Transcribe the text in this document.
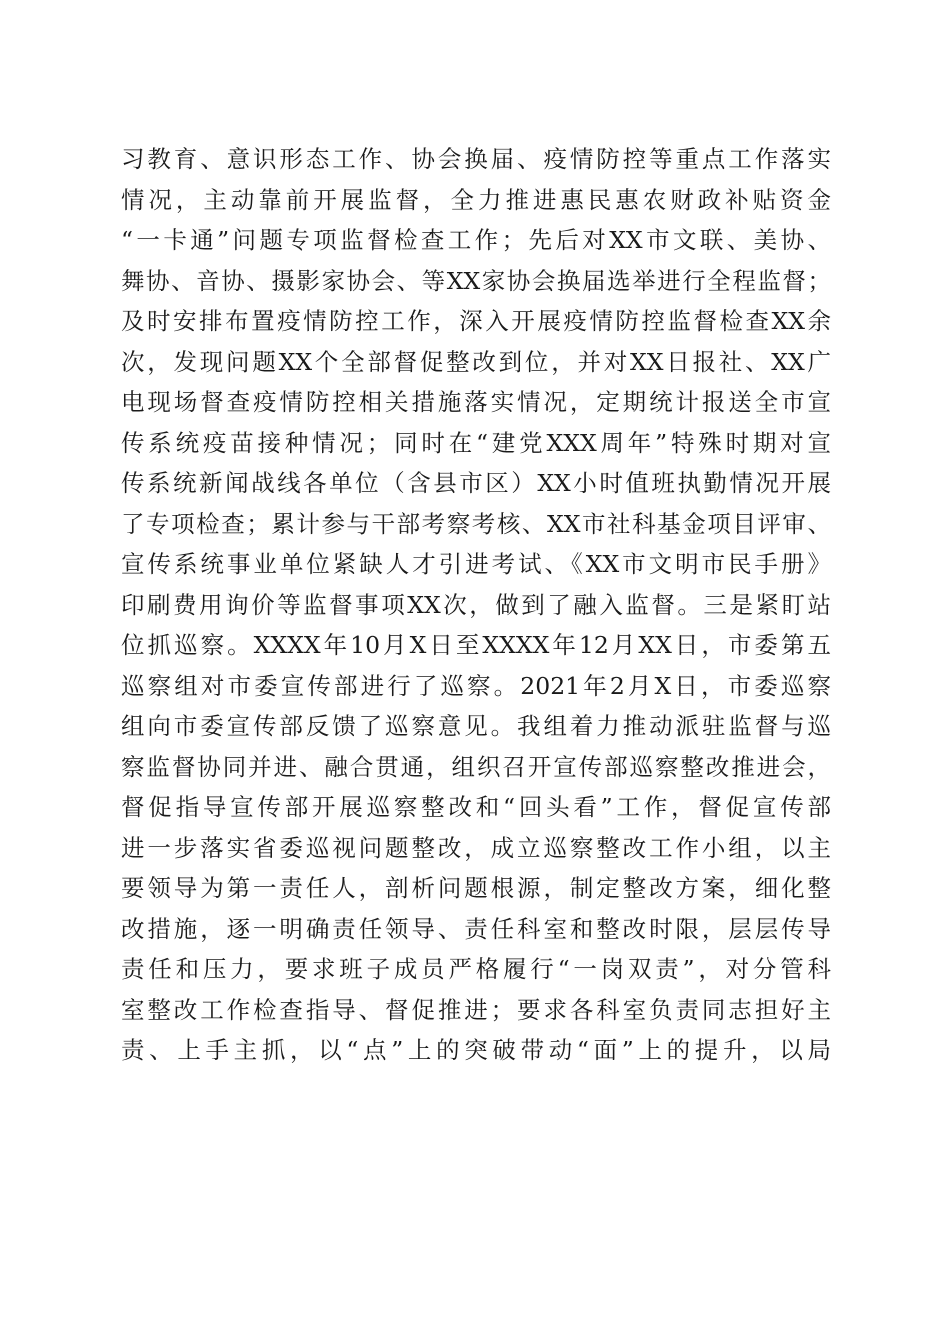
习教育、意识形态工作、协会换届、疫情防控等重点工作落实
情况，主动靠前开展监督，全力推进惠民惠农财政补贴资金
“一卡通”问题专项监督检查工作；先后对XX市文联、美协、
舞协、音协、摄影家协会、等XX家协会换届选举进行全程监督；
及时安排布置疫情防控工作，深入开展疫情防控监督检查XX余
次，发现问题XX个全部督促整改到位，并对XX日报社、XX广
电现场督查疫情防控相关措施落实情况，定期统计报送全市宣
传系统疫苗接种情况；同时在“建党XXX周年”特殊时期对宣
传系统新闻战线各单位（含县市区）XX小时值班执勤情况开展
了专项检查；累计参与干部考察考核、XX市社科基金项目评审、
宣传系统事业单位紧缺人才引进考试、《XX市文明市民手册》
印刷费用询价等监督事项XX次，做到了融入监督。三是紧盯站
位抓巡察。XXXX年10月X日至XXXX年12月XX日，市委第五
巡察组对市委宣传部进行了巡察。2021年2月X日，市委巡察
组向市委宣传部反馈了巡察意见。我组着力推动派驻监督与巡
察监督协同并进、融合贯通，组织召开宣传部巡察整改推进会，
督促指导宣传部开展巡察整改和“回头看”工作，督促宣传部
进一步落实省委巡视问题整改，成立巡察整改工作小组，以主
要领导为第一责任人，剖析问题根源，制定整改方案，细化整
改措施，逐一明确责任领导、责任科室和整改时限，层层传导
责任和压力，要求班子成员严格履行“一岗双责”，对分管科
室整改工作检查指导、督促推进；要求各科室负责同志担好主
责、上手主抓，以“点”上的突破带动“面”上的提升，以局
